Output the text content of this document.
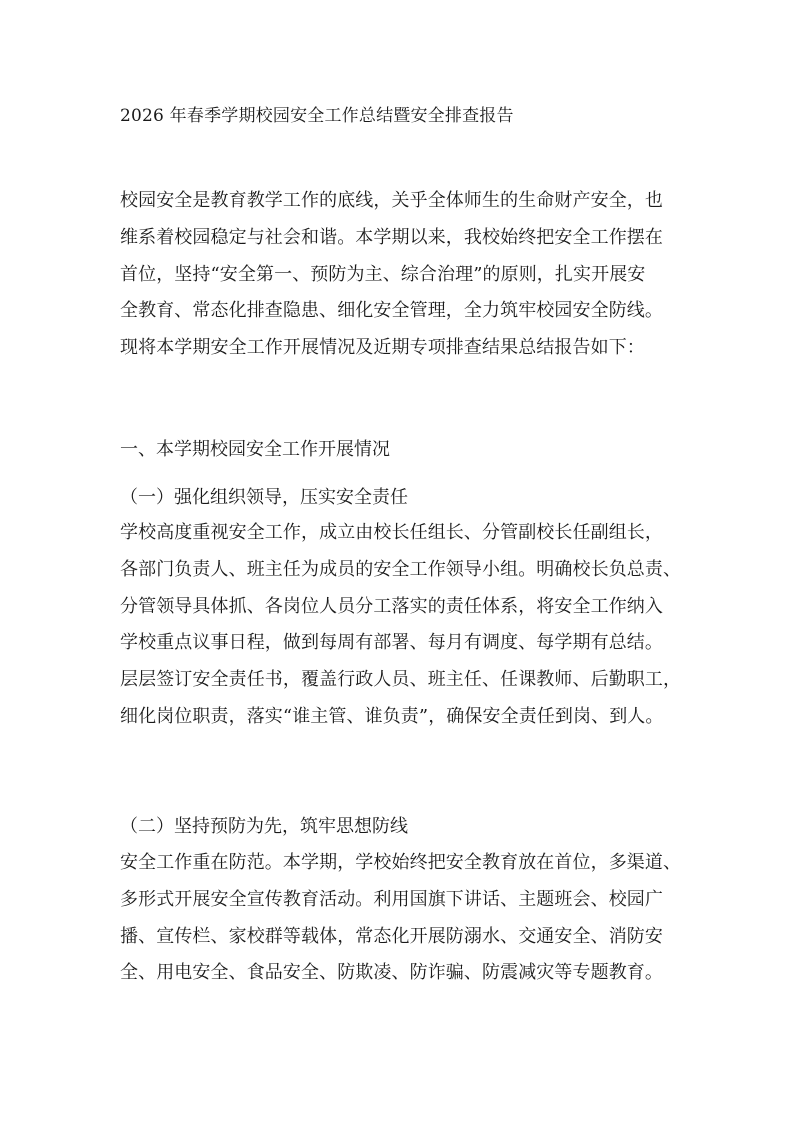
2026 年春季学期校园安全工作总结暨安全排查报告
校园安全是教育教学工作的底线，关乎全体师生的生命财产安全，也
维系着校园稳定与社会和谐。本学期以来，我校始终把安全工作摆在
首位，坚持“安全第一、预防为主、综合治理”的原则，扎实开展安
全教育、常态化排查隐患、细化安全管理，全力筑牢校园安全防线。
现将本学期安全工作开展情况及近期专项排查结果总结报告如下：
一、本学期校园安全工作开展情况
（一）强化组织领导，压实安全责任
学校高度重视安全工作，成立由校长任组长、分管副校长任副组长，
各部门负责人、班主任为成员的安全工作领导小组。明确校长负总责、
分管领导具体抓、各岗位人员分工落实的责任体系，将安全工作纳入
学校重点议事日程，做到每周有部署、每月有调度、每学期有总结。
层层签订安全责任书，覆盖行政人员、班主任、任课教师、后勤职工，
细化岗位职责，落实“谁主管、谁负责”，确保安全责任到岗、到人。
（二）坚持预防为先，筑牢思想防线
安全工作重在防范。本学期，学校始终把安全教育放在首位，多渠道、
多形式开展安全宣传教育活动。利用国旗下讲话、主题班会、校园广
播、宣传栏、家校群等载体，常态化开展防溺水、交通安全、消防安
全、用电安全、食品安全、防欺凌、防诈骗、防震减灾等专题教育。
